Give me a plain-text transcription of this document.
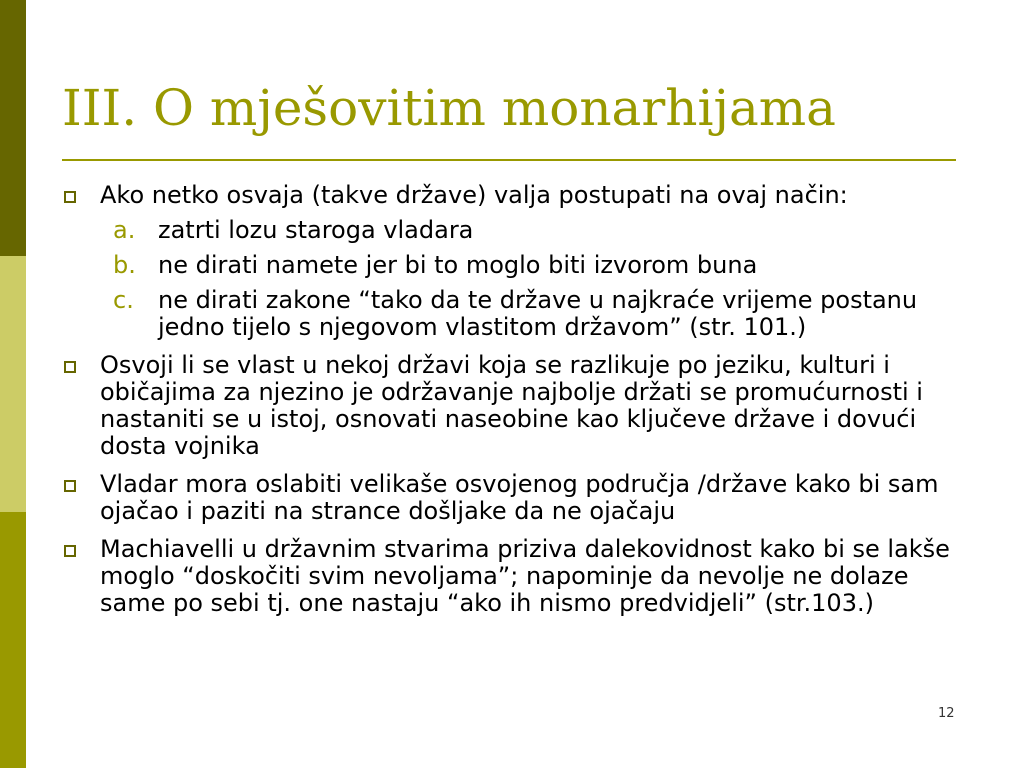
III. O mješovitim monarhijama
Ako netko osvaja (takve države) valja postupati na ovaj način:
a. zatrti lozu staroga vladara
b. ne dirati namete jer bi to moglo biti izvorom buna
c. ne dirati zakone “tako da te države u najkraće vrijeme postanu jedno tijelo s njegovom vlastitom državom” (str. 101.)
Osvoji li se vlast u nekoj državi koja se razlikuje po jeziku, kulturi i običajima za njezino je održavanje najbolje držati se promućurnosti i nastaniti se u istoj, osnovati naseobine kao ključeve države i dovući dosta vojnika
Vladar mora oslabiti velikaše osvojenog područja /države kako bi sam ojačao i paziti na strance došljake da ne ojačaju
Machiavelli u državnim stvarima priziva dalekovidnost kako bi se lakše moglo “doskočiti svim nevoljama”; napominje da nevolje ne dolaze same po sebi tj. one nastaju “ako ih nismo predvidjeli” (str.103.)
12
